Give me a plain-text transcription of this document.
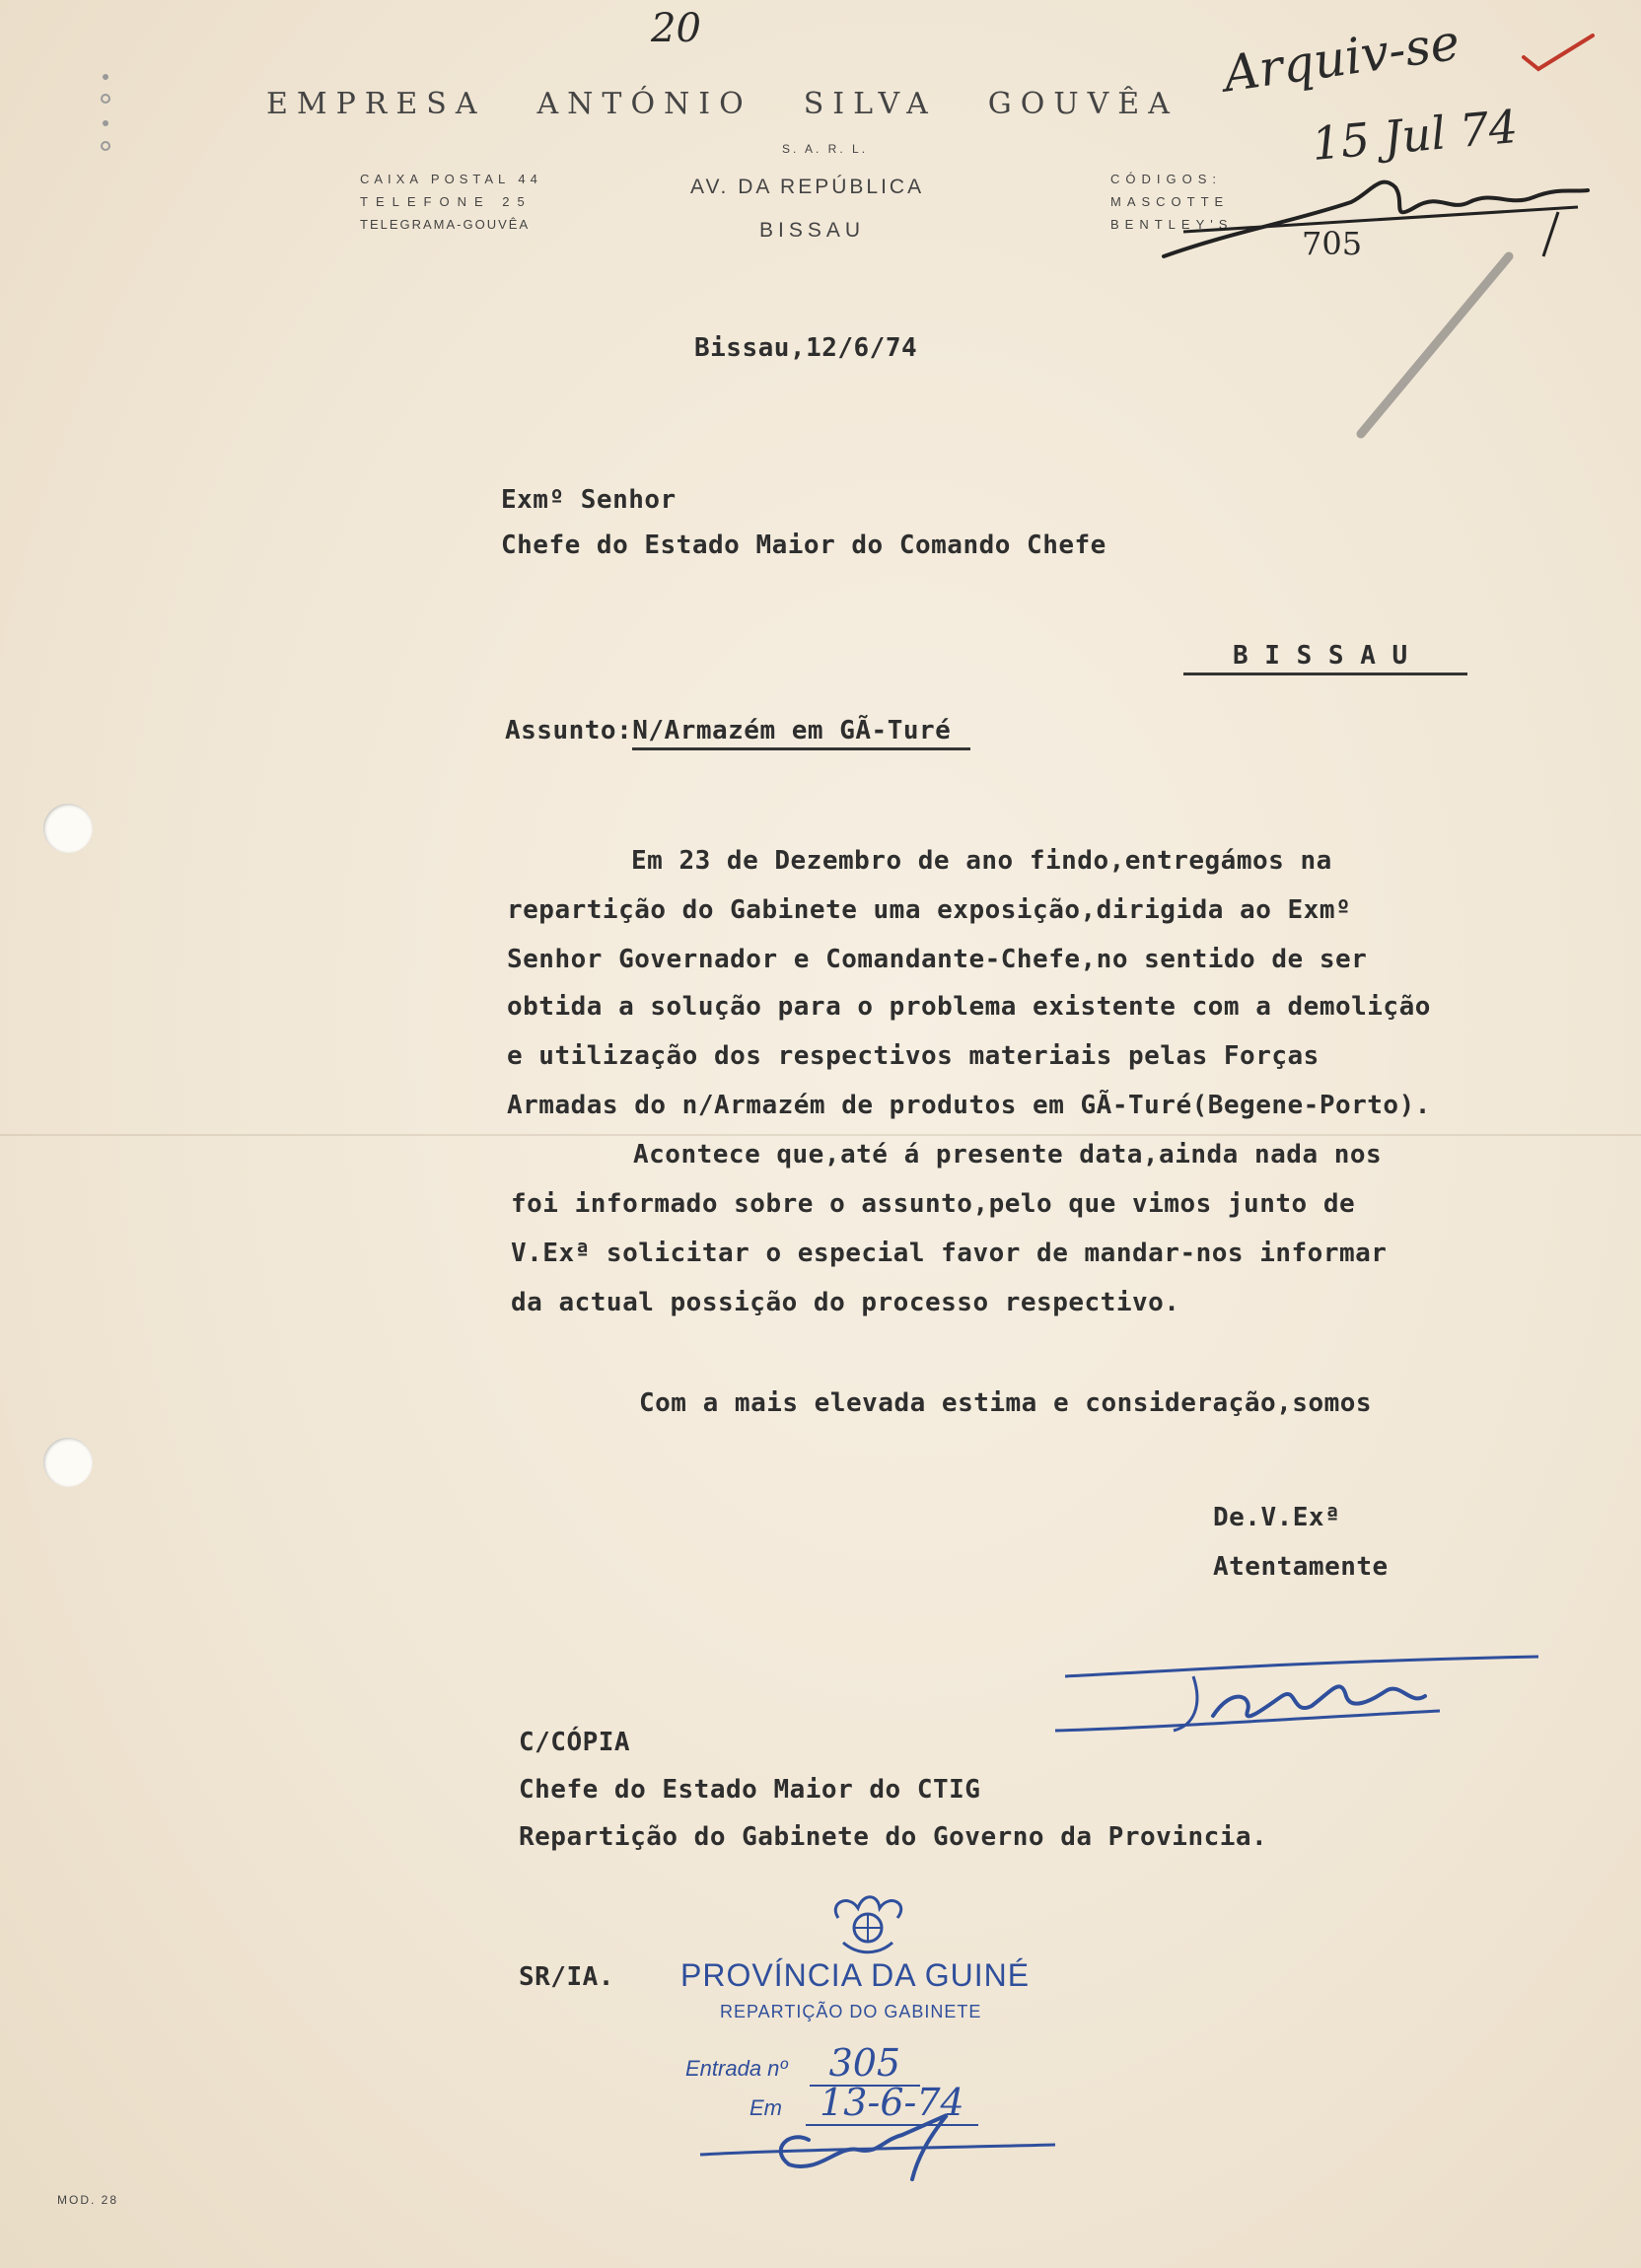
20
EMPRESA ANTÓNIO SILVA GOUVÊA
S. A. R. L.
CAIXA POSTAL 44
TELEFONE 25
TELEGRAMA-GOUVÊA
AV. DA REPÚBLICA
BISSAU
CÓDIGOS:
MASCOTTE
BENTLEY'S
Arquiv-se
15 Jul 74
705
Bissau,12/6/74
Exmº Senhor
Chefe do Estado Maior do Comando Chefe
B I S S A U
Assunto:N/Armazém em GÃ-Turé
Em 23 de Dezembro de ano findo,entregámos na
repartição do Gabinete uma exposição,dirigida ao Exmº
Senhor Governador e Comandante-Chefe,no sentido de ser
obtida a solução para o problema existente com a demolição
e utilização dos respectivos materiais pelas Forças
Armadas do n/Armazém de produtos em GÃ-Turé(Begene-Porto).
Acontece que,até á presente data,ainda nada nos
foi informado sobre o assunto,pelo que vimos junto de
V.Exª solicitar o especial favor de mandar-nos informar
da actual possição do processo respectivo.
Com a mais elevada estima e consideração,somos
De.V.Exª
Atentamente
C/CÓPIA
Chefe do Estado Maior do CTIG
Repartição do Gabinete do Governo da Provincia.
SR/IA. PROVÍNCIA DA GUINÉ
REPARTIÇÃO DO GABINETE
Entrada nº 305
Em 13-6-74
MOD. 28
